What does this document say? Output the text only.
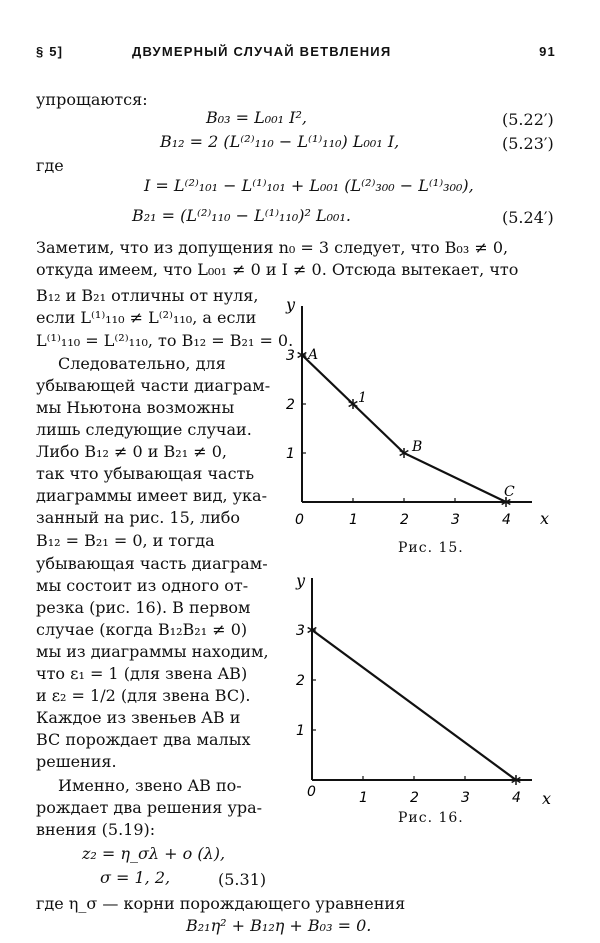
§ 5]	ДВУМЕРНЫЙ СЛУЧАЙ ВЕТВЛЕНИЯ	91
упрощаются:
B₀₃ = L₀₀₁ I²,	(5.22′)
B₁₂ = 2 (L⁽²⁾₁₁₀ − L⁽¹⁾₁₁₀) L₀₀₁ I,	(5.23′)
где
I = L⁽²⁾₁₀₁ − L⁽¹⁾₁₀₁ + L₀₀₁ (L⁽²⁾₃₀₀ − L⁽¹⁾₃₀₀),
B₂₁ = (L⁽²⁾₁₁₀ − L⁽¹⁾₁₁₀)² L₀₀₁.	(5.24′)
Заметим, что из допущения n₀ = 3 следует, что B₀₃ ≠ 0,
откуда имеем, что L₀₀₁ ≠ 0 и I ≠ 0. Отсюда вытекает, что
B₁₂ и B₂₁ отличны от нуля,
если L⁽¹⁾₁₁₀ ≠ L⁽²⁾₁₁₀, а если
L⁽¹⁾₁₁₀ = L⁽²⁾₁₁₀, то B₁₂ = B₂₁ = 0.
Следовательно, для
убывающей части диаграм-
мы Ньютона возможны
лишь следующие случаи.
Либо B₁₂ ≠ 0 и B₂₁ ≠ 0,
так что убывающая часть
диаграммы имеет вид, ука-
занный на рис. 15, либо
B₁₂ = B₂₁ = 0, и тогда
убывающая часть диаграм-
мы состоит из одного от-
резка (рис. 16). В первом
случае (когда B₁₂B₂₁ ≠ 0)
мы из диаграммы находим,
что ε₁ = 1 (для звена AB)
и ε₂ = 1/2 (для звена BC).
Каждое из звеньев AB и
BC порождает два малых
решения.
Именно, звено AB по-
рождает два решения ура-
внения (5.19):
z₂ = η_σλ + o (λ),
σ = 1, 2,	(5.31)
где η_σ — корни порождающего уравнения
B₂₁η² + B₁₂η + B₀₃ = 0.
y
x
0	1	2	3	4
1
2
3 A
1
B
C
Рис. 15.
y
x
0	1	2	3	4
1
2
3
Рис. 16.
